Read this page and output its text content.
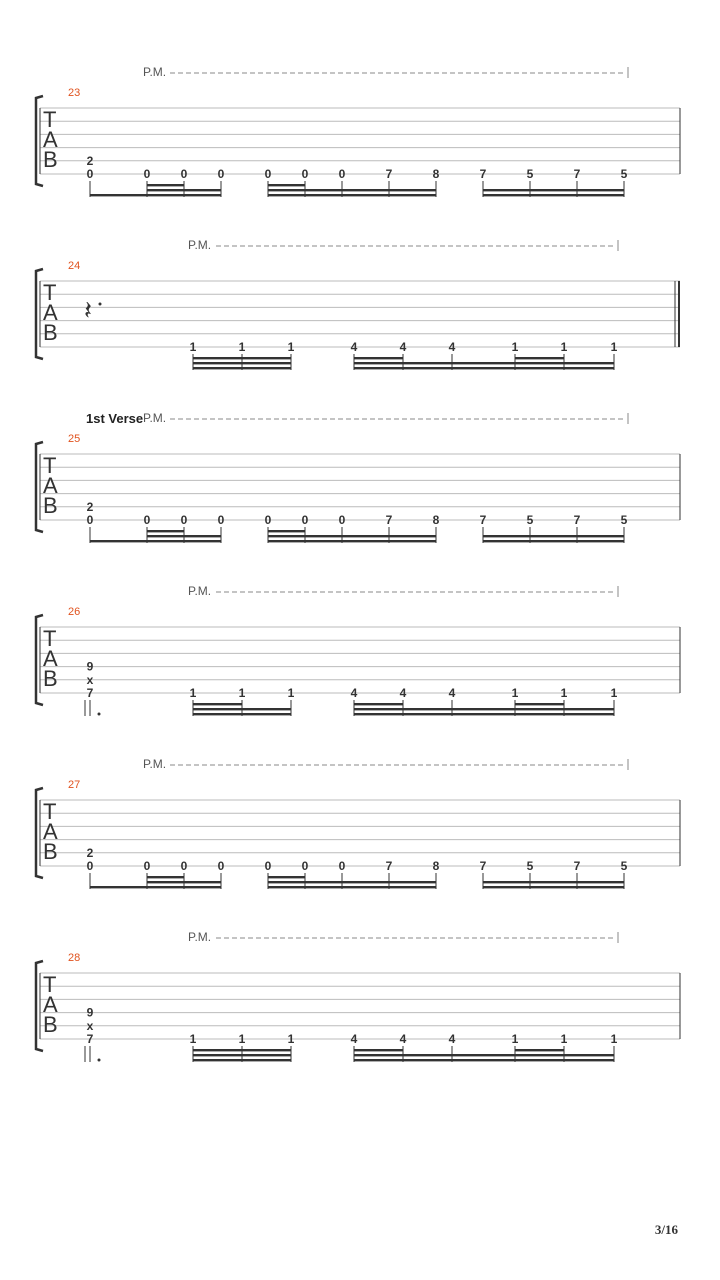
P.M.
23
T
A
B
0
2
0	0	0	0	0	0	7	8	7	5	7	5
P.M.
24
T
A
B
𝄽
1	1	1	4	4	4	1	1	1
P.M.
1st Verse
25
T
A
B
0
2
0	0	0	0	0	0	7	8	7	5	7	5
P.M.
26
T
A
B
7
x
9
1	1	1	4	4	4	1	1	1
P.M.
27
T
A
B
0
2
0	0	0	0	0	0	7	8	7	5	7	5
P.M.
28
T
A
B
7
x
9
1	1	1	4	4	4	1	1	1
3/16
